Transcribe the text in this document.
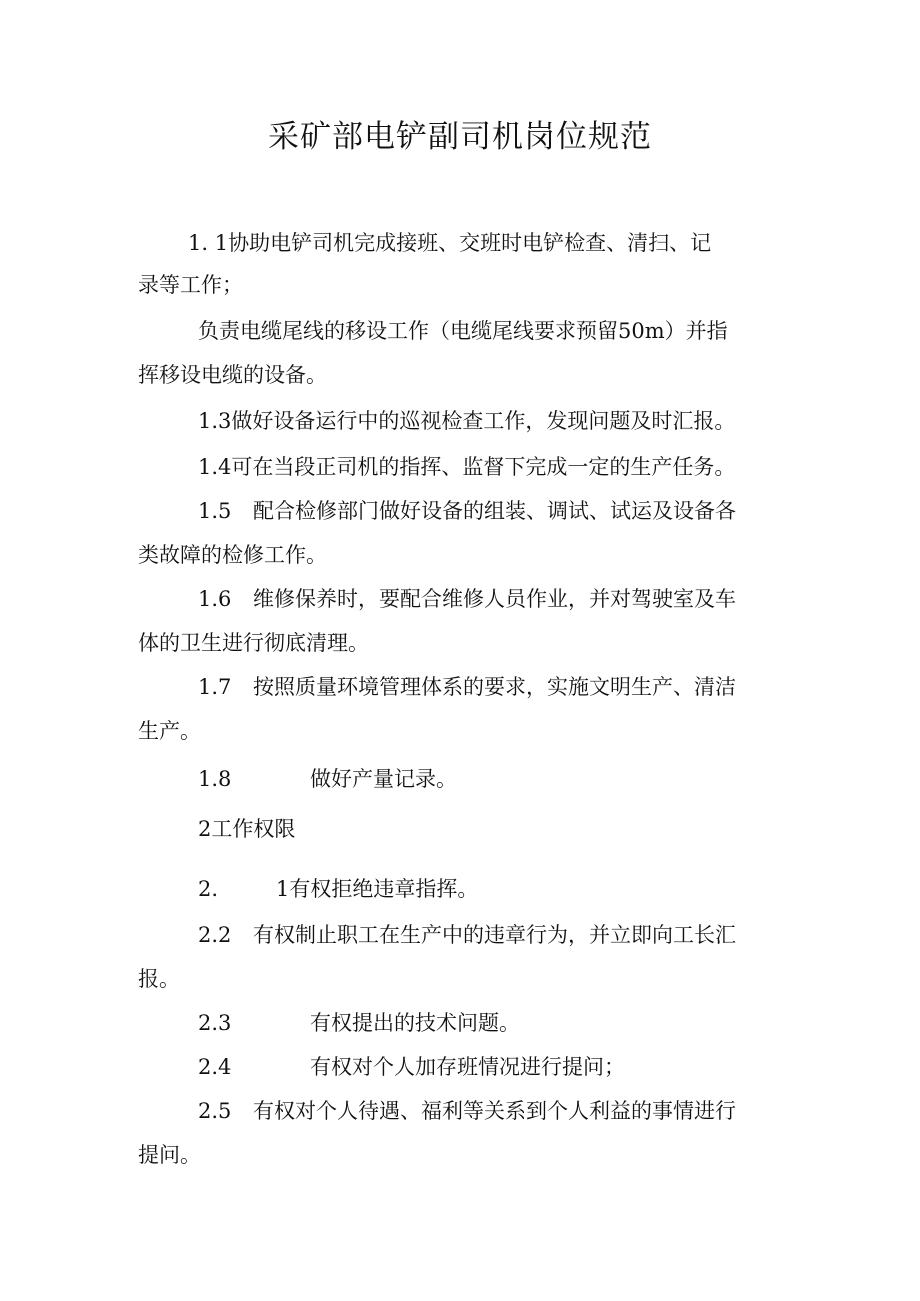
采矿部电铲副司机岗位规范
1. 1协助电铲司机完成接班、交班时电铲检查、清扫、记
录等工作；
负责电缆尾线的移设工作（电缆尾线要求预留50m）并指
挥移设电缆的设备。
1.3做好设备运行中的巡视检查工作，发现问题及时汇报。
1.4可在当段正司机的指挥、监督下完成一定的生产任务。
1.5 配合检修部门做好设备的组装、调试、试运及设备各
类故障的检修工作。
1.6 维修保养时，要配合维修人员作业，并对驾驶室及车
体的卫生进行彻底清理。
1.7 按照质量环境管理体系的要求，实施文明生产、清洁
生产。
1.8	做好产量记录。
2工作权限
2.	1有权拒绝违章指挥。
2.2 有权制止职工在生产中的违章行为，并立即向工长汇
报。
2.3	有权提出的技术问题。
2.4	有权对个人加存班情况进行提问；
2.5 有权对个人待遇、福利等关系到个人利益的事情进行
提问。
